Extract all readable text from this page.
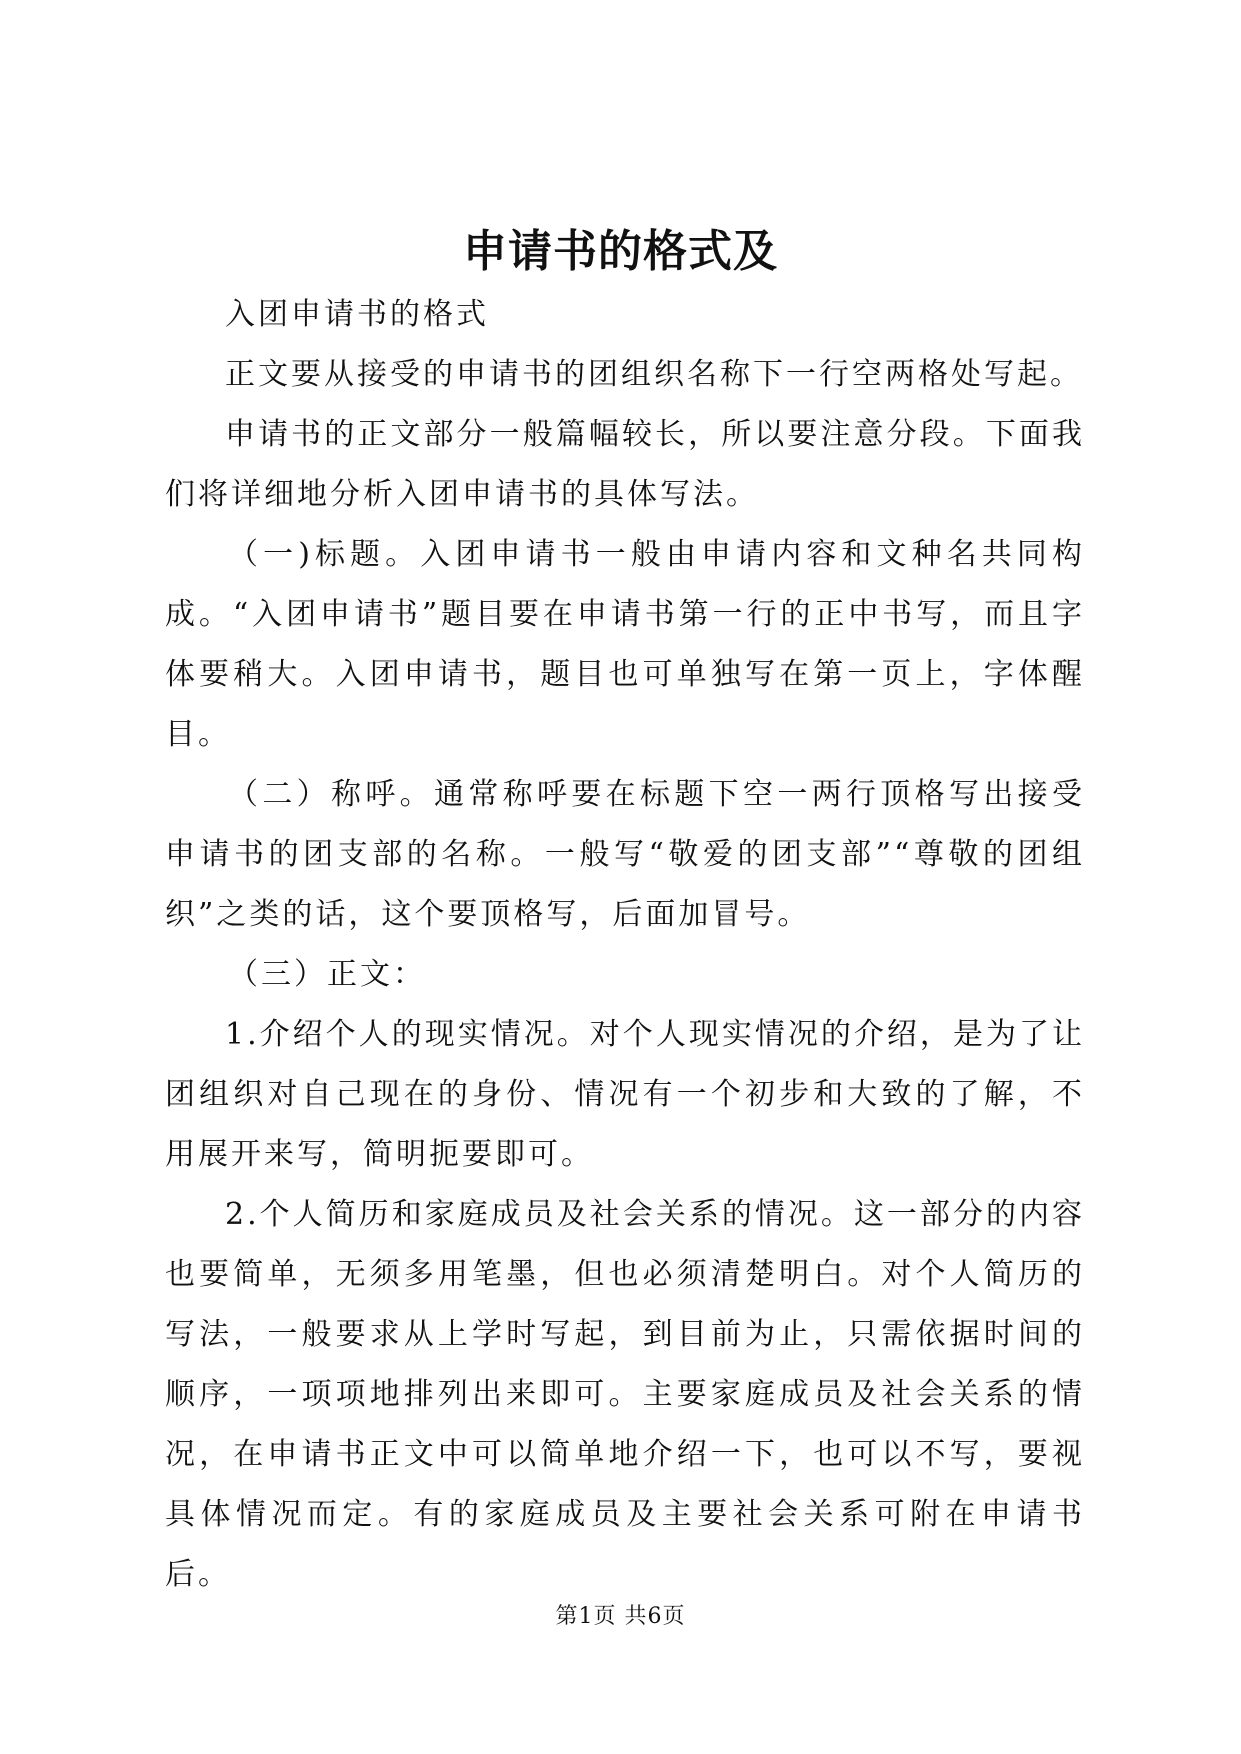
申请书的格式及

入团申请书的格式

正文要从接受的申请书的团组织名称下一行空两格处写起。

申请书的正文部分一般篇幅较长，所以要注意分段。下面我们将详细地分析入团申请书的具体写法。

（一)标题。入团申请书一般由申请内容和文种名共同构成。“入团申请书”题目要在申请书第一行的正中书写，而且字体要稍大。入团申请书，题目也可单独写在第一页上，字体醒目。

（二）称呼。通常称呼要在标题下空一两行顶格写出接受申请书的团支部的名称。一般写“敬爱的团支部”“尊敬的团组织”之类的话，这个要顶格写，后面加冒号。

（三）正文：

1.介绍个人的现实情况。对个人现实情况的介绍，是为了让团组织对自己现在的身份、情况有一个初步和大致的了解，不用展开来写，简明扼要即可。

2.个人简历和家庭成员及社会关系的情况。这一部分的内容也要简单，无须多用笔墨，但也必须清楚明白。对个人简历的写法，一般要求从上学时写起，到目前为止，只需依据时间的顺序，一项项地排列出来即可。主要家庭成员及社会关系的情况，在申请书正文中可以简单地介绍一下，也可以不写，要视具体情况而定。有的家庭成员及主要社会关系可附在申请书后。

第1页 共6页
